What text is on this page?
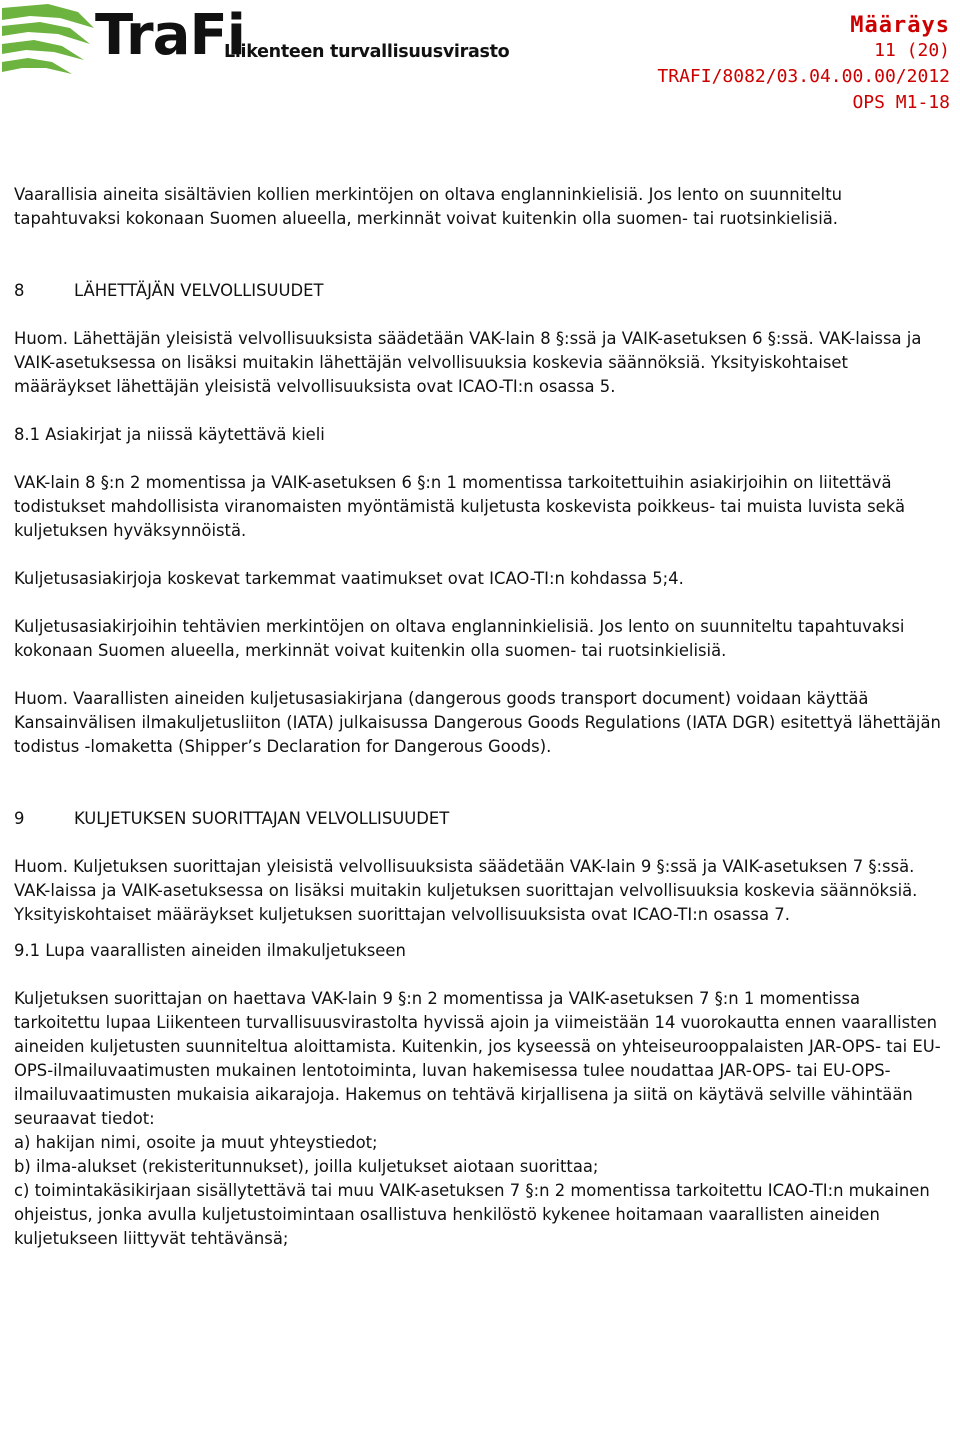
TraFi
Liikenteen turvallisuusvirasto
Määräys
11 (20)
TRAFI/8082/03.04.00.00/2012
OPS M1-18

Vaarallisia aineita sisältävien kollien merkintöjen on oltava englanninkielisiä. Jos lento on suunniteltu tapahtuvaksi kokonaan Suomen alueella, merkinnät voivat kuitenkin olla suomen- tai ruotsinkielisiä.

8	LÄHETTÄJÄN VELVOLLISUUDET

Huom. Lähettäjän yleisistä velvollisuuksista säädetään VAK-lain 8 §:ssä ja VAIK-asetuksen 6 §:ssä. VAK-laissa ja VAIK-asetuksessa on lisäksi muitakin lähettäjän velvollisuuksia koskevia säännöksiä. Yksityiskohtaiset määräykset lähettäjän yleisistä velvollisuuksista ovat ICAO-TI:n osassa 5.

8.1 Asiakirjat ja niissä käytettävä kieli

VAK-lain 8 §:n 2 momentissa ja VAIK-asetuksen 6 §:n 1 momentissa tarkoitettuihin asiakirjoihin on liitettävä todistukset mahdollisista viranomaisten myöntämistä kuljetusta koskevista poikkeus- tai muista luvista sekä kuljetuksen hyväksynnöistä.

Kuljetusasiakirjoja koskevat tarkemmat vaatimukset ovat ICAO-TI:n kohdassa 5;4.

Kuljetusasiakirjoihin tehtävien merkintöjen on oltava englanninkielisiä. Jos lento on suunniteltu tapahtuvaksi kokonaan Suomen alueella, merkinnät voivat kuitenkin olla suomen- tai ruotsinkielisiä.

Huom. Vaarallisten aineiden kuljetusasiakirjana (dangerous goods transport document) voidaan käyttää Kansainvälisen ilmakuljetusliiton (IATA) julkaisussa Dangerous Goods Regulations (IATA DGR) esitettyä lähettäjän todistus -lomaketta (Shipper’s Declaration for Dangerous Goods).

9	KULJETUKSEN SUORITTAJAN VELVOLLISUUDET

Huom. Kuljetuksen suorittajan yleisistä velvollisuuksista säädetään VAK-lain 9 §:ssä ja VAIK-asetuksen 7 §:ssä. VAK-laissa ja VAIK-asetuksessa on lisäksi muitakin kuljetuksen suorittajan velvollisuuksia koskevia säännöksiä. Yksityiskohtaiset määräykset kuljetuksen suorittajan velvollisuuksista ovat ICAO-TI:n osassa 7.

9.1 Lupa vaarallisten aineiden ilmakuljetukseen

Kuljetuksen suorittajan on haettava VAK-lain 9 §:n 2 momentissa ja VAIK-asetuksen 7 §:n 1 momentissa tarkoitettu lupaa Liikenteen turvallisuusvirastolta hyvissä ajoin ja viimeistään 14 vuorokautta ennen vaarallisten aineiden kuljetusten suunniteltua aloittamista. Kuitenkin, jos kyseessä on yhteiseurooppalaisten JAR-OPS- tai EU-OPS-ilmailuvaatimusten mukainen lentotoiminta, luvan hakemisessa tulee noudattaa JAR-OPS- tai EU-OPS-ilmailuvaatimusten mukaisia aikarajoja. Hakemus on tehtävä kirjallisena ja siitä on käytävä selville vähintään seuraavat tiedot:

a) hakijan nimi, osoite ja muut yhteystiedot;

b) ilma-alukset (rekisteritunnukset), joilla kuljetukset aiotaan suorittaa;

c) toimintakäsikirjaan sisällytettävä tai muu VAIK-asetuksen 7 §:n 2 momentissa tarkoitettu ICAO-TI:n mukainen ohjeistus, jonka avulla kuljetustoimintaan osallistuva henkilöstö kykenee hoitamaan vaarallisten aineiden kuljetukseen liittyvät tehtävänsä;
